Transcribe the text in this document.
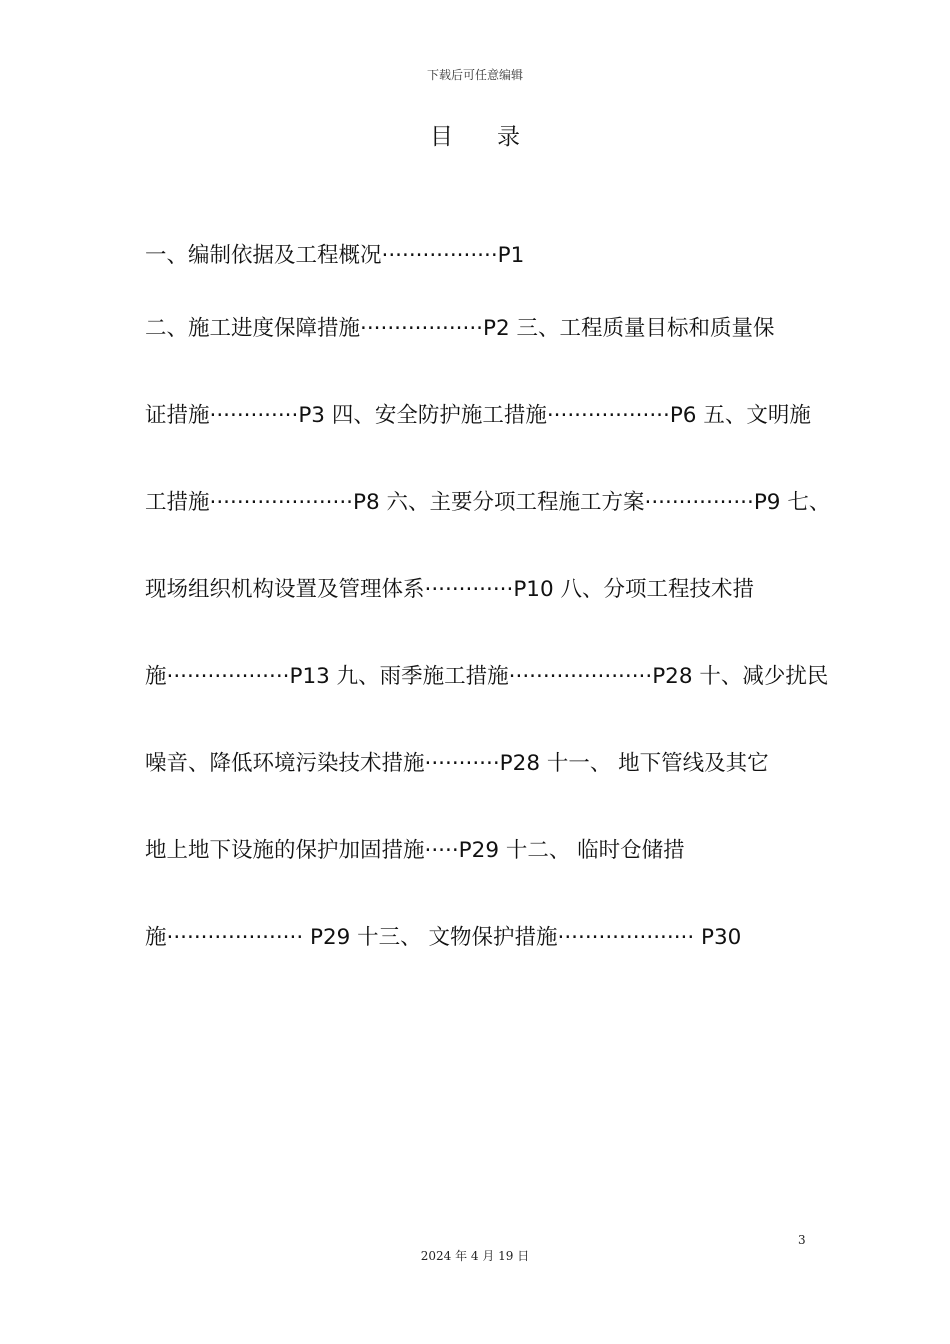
下载后可任意编辑
目录
一、编制依据及工程概况·················P1
二、施工进度保障措施··················P2 三、工程质量目标和质量保
证措施·············P3 四、安全防护施工措施··················P6 五、文明施
工措施·····················P8 六、主要分项工程施工方案················P9 七、
现场组织机构设置及管理体系·············P10 八、分项工程技术措
施··················P13 九、雨季施工措施·····················P28 十、减少扰民
噪音、降低环境污染技术措施···········P28 十一、 地下管线及其它
地上地下设施的保护加固措施·····P29 十二、 临时仓储措
施···················· P29 十三、 文物保护措施···················· P30
3
2024 年 4 月 19 日
